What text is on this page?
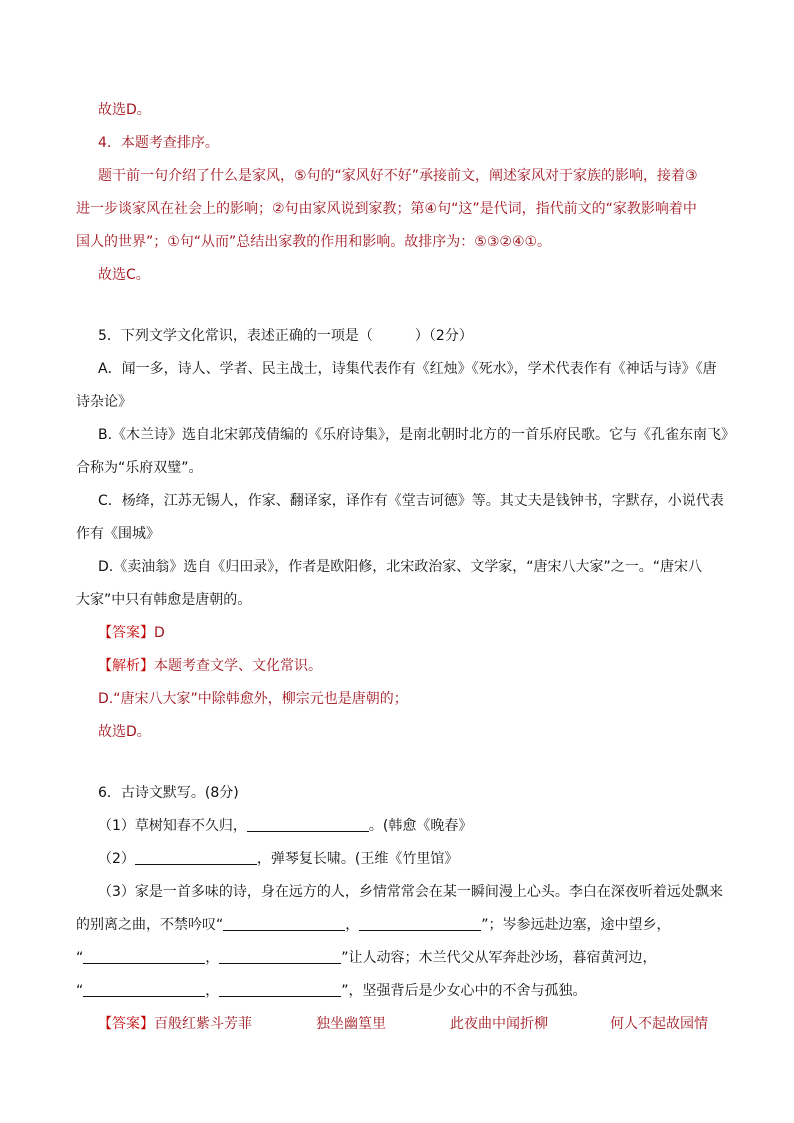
故选D。
4．本题考查排序。
题干前一句介绍了什么是家风，⑤句的“家风好不好”承接前文，阐述家风对于家族的影响，接着③
进一步谈家风在社会上的影响；②句由家风说到家教；第④句“这”是代词，指代前文的“家教影响着中
国人的世界”；①句“从而”总结出家教的作用和影响。故排序为：⑤③②④①。
故选C。
5．下列文学文化常识，表述正确的一项是（　　　）（2分）
A．闻一多，诗人、学者、民主战士，诗集代表作有《红烛》《死水》，学术代表作有《神话与诗》《唐
诗杂论》
B.《木兰诗》选自北宋郭茂倩编的《乐府诗集》，是南北朝时北方的一首乐府民歌。它与《孔雀东南飞》
合称为“乐府双璧”。
C．杨绛，江苏无锡人，作家、翻译家，译作有《堂吉诃德》等。其丈夫是钱钟书，字默存，小说代表
作有《围城》
D.《卖油翁》选自《归田录》，作者是欧阳修，北宋政治家、文学家，“唐宋八大家”之一。“唐宋八
大家”中只有韩愈是唐朝的。
【答案】D
【解析】本题考查文学、文化常识。
D.“唐宋八大家”中除韩愈外，柳宗元也是唐朝的；
故选D。
6．古诗文默写。(8分)
（1）草树知春不久归，	。(韩愈《晚春》
（2）	，弹琴复长啸。(王维《竹里馆》
（3）家是一首多味的诗，身在远方的人，乡情常常会在某一瞬间漫上心头。李白在深夜听着远处飘来
的别离之曲，不禁吟叹“	，	”；岑参远赴边塞，途中望乡，
“	，	”让人动容；木兰代父从军奔赴沙场，暮宿黄河边，
“	，	”，坚强背后是少女心中的不舍与孤独。
【答案】 百般红紫斗芳菲	独坐幽篁里	此夜曲中闻折柳	何人不起故园情
